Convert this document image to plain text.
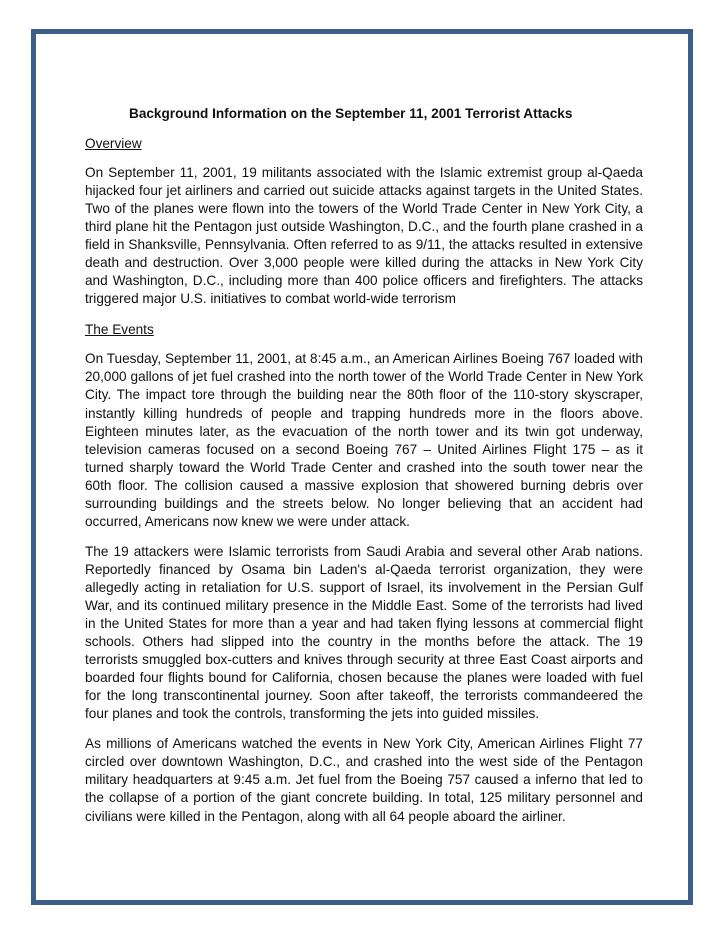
Background Information on the September 11, 2001 Terrorist Attacks
Overview

On September 11, 2001, 19 militants associated with the Islamic extremist group al-Qaeda hijacked four jet airliners and carried out suicide attacks against targets in the United States. Two of the planes were flown into the towers of the World Trade Center in New York City, a third plane hit the Pentagon just outside Washington, D.C., and the fourth plane crashed in a field in Shanksville, Pennsylvania. Often referred to as 9/11, the attacks resulted in extensive death and destruction. Over 3,000 people were killed during the attacks in New York City and Washington, D.C., including more than 400 police officers and firefighters. The attacks triggered major U.S. initiatives to combat world-wide terrorism

The Events

On Tuesday, September 11, 2001, at 8:45 a.m., an American Airlines Boeing 767 loaded with 20,000 gallons of jet fuel crashed into the north tower of the World Trade Center in New York City. The impact tore through the building near the 80th floor of the 110-story skyscraper, instantly killing hundreds of people and trapping hundreds more in the floors above. Eighteen minutes later, as the evacuation of the north tower and its twin got underway, television cameras focused on a second Boeing 767 – United Airlines Flight 175 – as it turned sharply toward the World Trade Center and crashed into the south tower near the 60th floor. The collision caused a massive explosion that showered burning debris over surrounding buildings and the streets below. No longer believing that an accident had occurred, Americans now knew we were under attack.

The 19 attackers were Islamic terrorists from Saudi Arabia and several other Arab nations. Reportedly financed by Osama bin Laden's al-Qaeda terrorist organization, they were allegedly acting in retaliation for U.S. support of Israel, its involvement in the Persian Gulf War, and its continued military presence in the Middle East. Some of the terrorists had lived in the United States for more than a year and had taken flying lessons at commercial flight schools. Others had slipped into the country in the months before the attack. The 19 terrorists smuggled box-cutters and knives through security at three East Coast airports and boarded four flights bound for California, chosen because the planes were loaded with fuel for the long transcontinental journey. Soon after takeoff, the terrorists commandeered the four planes and took the controls, transforming the jets into guided missiles.

As millions of Americans watched the events in New York City, American Airlines Flight 77 circled over downtown Washington, D.C., and crashed into the west side of the Pentagon military headquarters at 9:45 a.m. Jet fuel from the Boeing 757 caused a inferno that led to the collapse of a portion of the giant concrete building. In total, 125 military personnel and civilians were killed in the Pentagon, along with all 64 people aboard the airliner.
